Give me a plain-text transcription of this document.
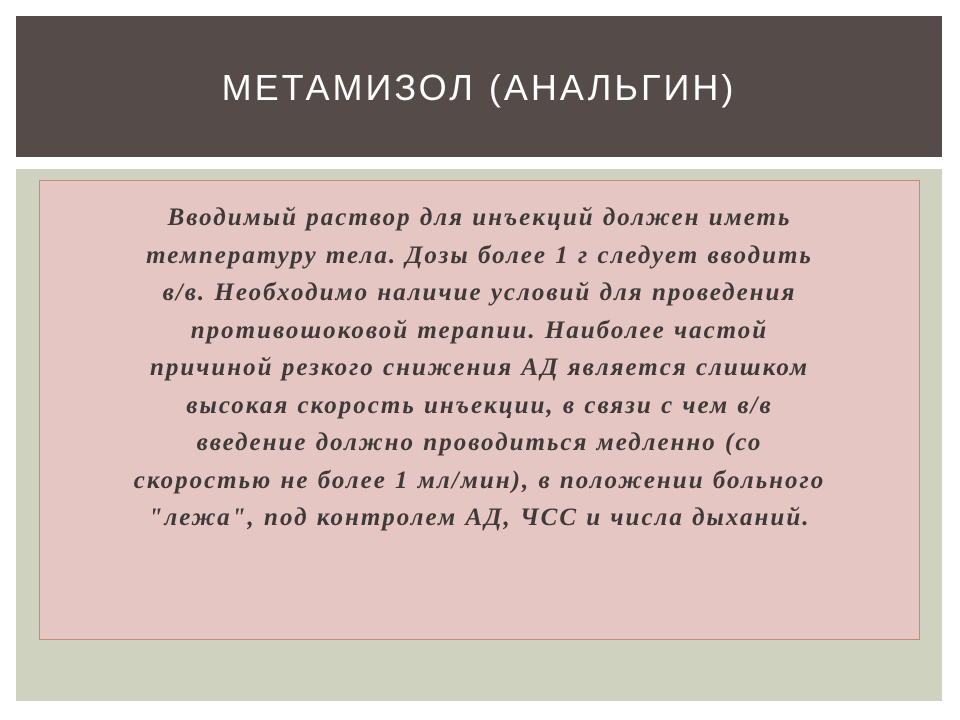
МЕТАМИЗОЛ (АНАЛЬГИН)

Вводимый раствор для инъекций должен иметь
температуру тела. Дозы более 1 г следует вводить
в/в. Необходимо наличие условий для проведения
противошоковой терапии. Наиболее частой
причиной резкого снижения АД является слишком
высокая скорость инъекции, в связи с чем в/в
введение должно проводиться медленно (со
скоростью не более 1 мл/мин), в положении больного
"лежа", под контролем АД, ЧСС и числа дыханий.
